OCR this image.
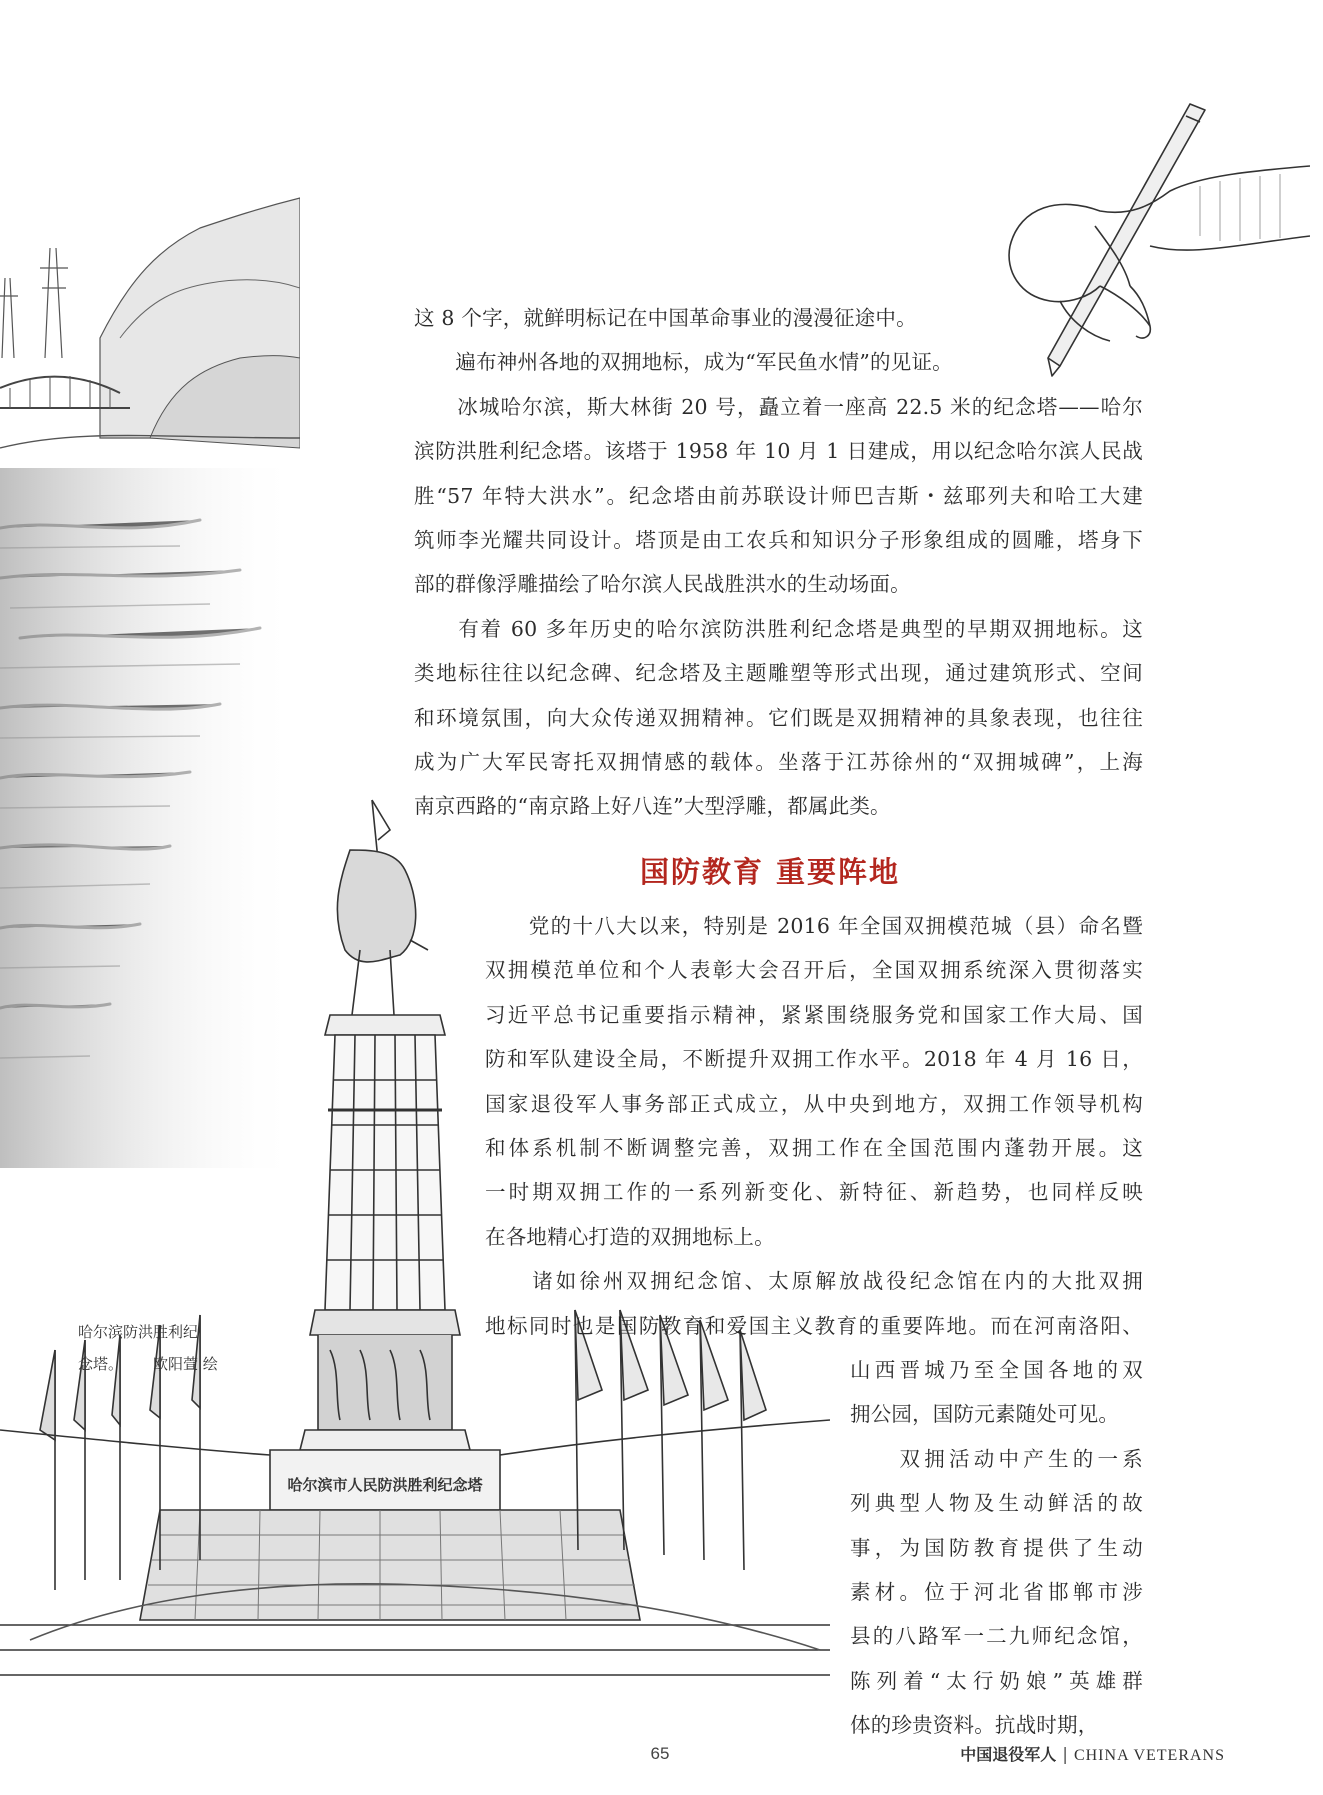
哈尔滨市人民防洪胜利纪念塔
这 8 个字，就鲜明标记在中国革命事业的漫漫征途中。
　　遍布神州各地的双拥地标，成为“军民鱼水情”的见证。
　　冰城哈尔滨，斯大林街 20 号，矗立着一座高 22.5 米的纪念塔——哈尔
滨防洪胜利纪念塔。该塔于 1958 年 10 月 1 日建成，用以纪念哈尔滨人民战
胜“57 年特大洪水”。纪念塔由前苏联设计师巴吉斯・兹耶列夫和哈工大建
筑师李光耀共同设计。塔顶是由工农兵和知识分子形象组成的圆雕，塔身下
部的群像浮雕描绘了哈尔滨人民战胜洪水的生动场面。
　　有着 60 多年历史的哈尔滨防洪胜利纪念塔是典型的早期双拥地标。这
类地标往往以纪念碑、纪念塔及主题雕塑等形式出现，通过建筑形式、空间
和环境氛围，向大众传递双拥精神。它们既是双拥精神的具象表现，也往往
成为广大军民寄托双拥情感的载体。坐落于江苏徐州的“双拥城碑”，上海
南京西路的“南京路上好八连”大型浮雕，都属此类。
国防教育 重要阵地
　　党的十八大以来，特别是 2016 年全国双拥模范城（县）命名暨
双拥模范单位和个人表彰大会召开后，全国双拥系统深入贯彻落实
习近平总书记重要指示精神，紧紧围绕服务党和国家工作大局、国
防和军队建设全局，不断提升双拥工作水平。2018 年 4 月 16 日，
国家退役军人事务部正式成立，从中央到地方，双拥工作领导机构
和体系机制不断调整完善，双拥工作在全国范围内蓬勃开展。这
一时期双拥工作的一系列新变化、新特征、新趋势，也同样反映
在各地精心打造的双拥地标上。
　　诸如徐州双拥纪念馆、太原解放战役纪念馆在内的大批双拥
地标同时也是国防教育和爱国主义教育的重要阵地。而在河南洛阳、
山西晋城乃至全国各地的双
拥公园，国防元素随处可见。
　　双拥活动中产生的一系
列典型人物及生动鲜活的故
事，为国防教育提供了生动
素材。位于河北省邯郸市涉
县的八路军一二九师纪念馆，
陈列着“太行奶娘”英雄群
体的珍贵资料。抗战时期，
哈尔滨防洪胜利纪
念塔。 欧阳萱 绘
65	中国退役军人 | CHINA VETERANS
